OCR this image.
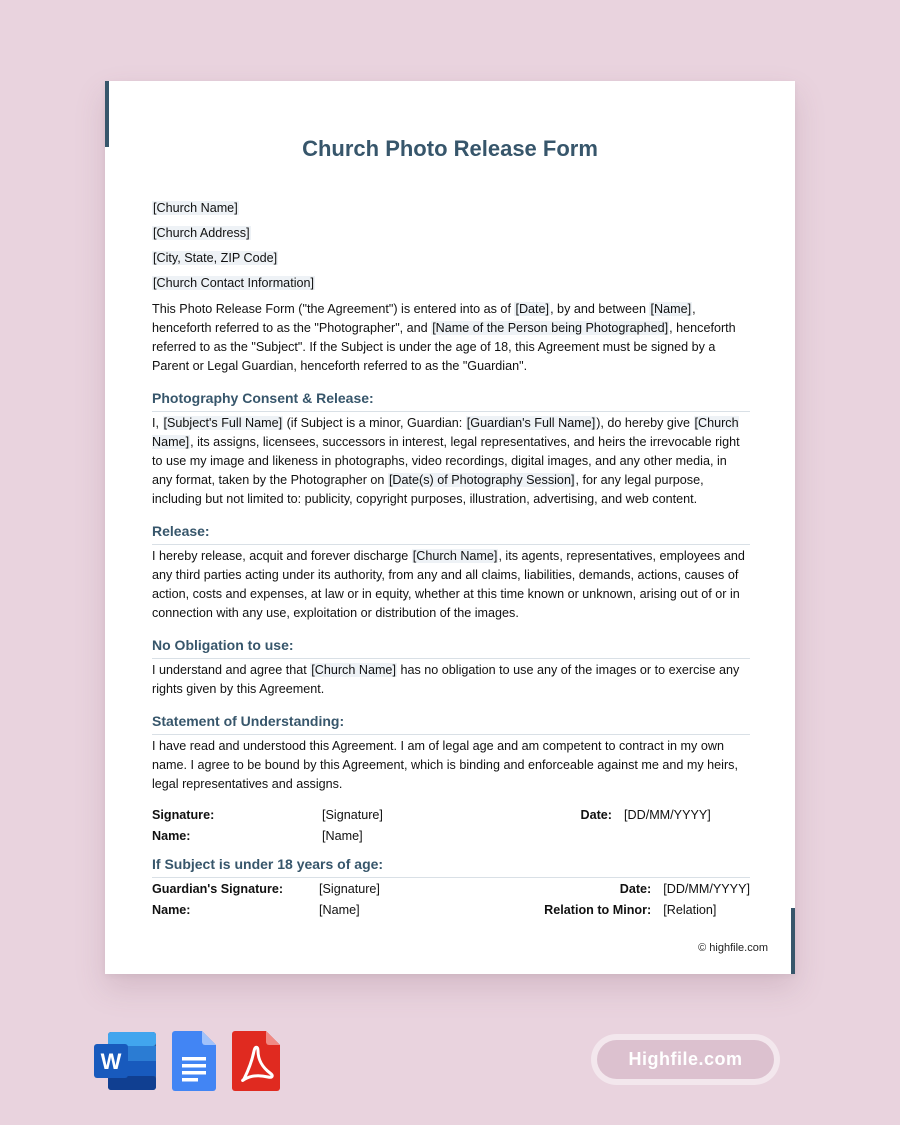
Church Photo Release Form
[Church Name]
[Church Address]
[City, State, ZIP Code]
[Church Contact Information]

This Photo Release Form ("the Agreement") is entered into as of [Date], by and between [Name], henceforth referred to as the "Photographer", and [Name of the Person being Photographed], henceforth referred to as the "Subject". If the Subject is under the age of 18, this Agreement must be signed by a Parent or Legal Guardian, henceforth referred to as the "Guardian".

Photography Consent & Release:

I, [Subject's Full Name] (if Subject is a minor, Guardian: [Guardian's Full Name]), do hereby give [Church Name], its assigns, licensees, successors in interest, legal representatives, and heirs the irrevocable right to use my image and likeness in photographs, video recordings, digital images, and any other media, in any format, taken by the Photographer on [Date(s) of Photography Session], for any legal purpose, including but not limited to: publicity, copyright purposes, illustration, advertising, and web content.

Release:

I hereby release, acquit and forever discharge [Church Name], its agents, representatives, employees and any third parties acting under its authority, from any and all claims, liabilities, demands, actions, causes of action, costs and expenses, at law or in equity, whether at this time known or unknown, arising out of or in connection with any use, exploitation or distribution of the images.

No Obligation to use:

I understand and agree that [Church Name] has no obligation to use any of the images or to exercise any rights given by this Agreement.

Statement of Understanding:

I have read and understood this Agreement. I am of legal age and am competent to contract in my own name. I agree to be bound by this Agreement, which is binding and enforceable against me and my heirs, legal representatives and assigns.

Signature:	[Signature]	Date:	[DD/MM/YYYY]
Name:	[Name]		
If Subject is under 18 years of age:
Guardian's Signature:	[Signature]	Date:	[DD/MM/YYYY]
Name:	[Name]	Relation to Minor:	[Relation]
© highfile.com
W	Highfile.com
